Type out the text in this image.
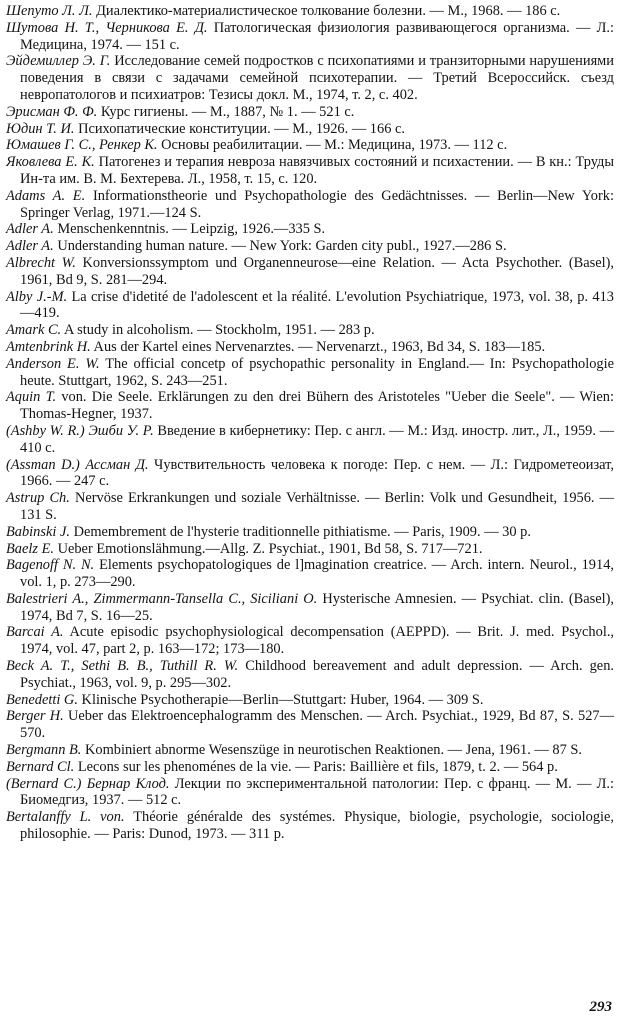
Шепуто Л. Л. Диалектико-материалистическое толкование болезни. — М., 1968. — 186 с.
Шутова Н. Т., Черникова Е. Д. Патологическая физиология развивающегося организма. — Л.: Медицина, 1974. — 151 с.
Эйдемиллер Э. Г. Исследование семей подростков с психопатиями и транзиторными нарушениями поведения в связи с задачами семейной психотерапии. — Третий Всероссийск. съезд невропатологов и психиатров: Тезисы докл. М., 1974, т. 2, с. 402.
Эрисман Ф. Ф. Курс гигиены. — М., 1887, № 1. — 521 с.
Юдин Т. И. Психопатические конституции. — М., 1926. — 166 с.
Юмашев Г. С., Ренкер К. Основы реабилитации. — М.: Медицина, 1973. — 112 с.
Яковлева Е. К. Патогенез и терапия невроза навязчивых состояний и психастении. — В кн.: Труды Ин-та им. В. М. Бехтерева. Л., 1958, т. 15, с. 120.
Adams A. E. Informationstheorie und Psychopathologie des Gedächtnisses. — Berlin—New York: Springer Verlag, 1971.—124 S.
Adler A. Menschenkenntnis. — Leipzig, 1926.—335 S.
Adler A. Understanding human nature. — New York: Garden city publ., 1927.—286 S.
Albrecht W. Konversionssymptom und Organenneurose—eine Relation. — Acta Psychother. (Basel), 1961, Bd 9, S. 281—294.
Alby J.-M. La crise d'idetité de l'adolescent et la réalité. L'evolution Psychiatrique, 1973, vol. 38, p. 413—419.
Amark C. A study in alcoholism. — Stockholm, 1951. — 283 p.
Amtenbrink H. Aus der Kartel eines Nervenarztes. — Nervenarzt., 1963, Bd 34, S. 183—185.
Anderson E. W. The official concetp of psychopathic personality in England.— In: Psychopathologie heute. Stuttgart, 1962, S. 243—251.
Aquin T. von. Die Seele. Erklärungen zu den drei Bühern des Aristoteles "Ueber die Seele". — Wien: Thomas-Hegner, 1937.
(Ashby W. R.) Эшби У. Р. Введение в кибернетику: Пер. с англ. — М.: Изд. иностр. лит., Л., 1959. — 410 с.
(Assman D.) Ассман Д. Чувствительность человека к погоде: Пер. с нем. — Л.: Гидрометеоизат, 1966. — 247 с.
Astrup Ch. Nervöse Erkrankungen und soziale Verhältnisse. — Berlin: Volk und Gesundheit, 1956. — 131 S.
Babinski J. Demembrement de l'hysterie traditionnelle pithiatisme. — Paris, 1909. — 30 p.
Baelz E. Ueber Emotionslähmung.—Allg. Z. Psychiat., 1901, Bd 58, S. 717—721.
Bagenoff N. N. Elements psychopatologiques de l]magination creatrice. — Arch. intern. Neurol., 1914, vol. 1, p. 273—290.
Balestrieri A., Zimmermann-Tansella C., Siciliani O. Hysterische Amnesien. — Psychiat. clin. (Basel), 1974, Bd 7, S. 16—25.
Barcai A. Acute episodic psychophysiological decompensation (AEPPD). — Brit. J. med. Psychol., 1974, vol. 47, part 2, p. 163—172; 173—180.
Beck A. T., Sethi B. B., Tuthill R. W. Childhood bereavement and adult depression. — Arch. gen. Psychiat., 1963, vol. 9, p. 295—302.
Benedetti G. Klinische Psychotherapie—Berlin—Stuttgart: Huber, 1964. — 309 S.
Berger H. Ueber das Elektroencephalogramm des Menschen. — Arch. Psychiat., 1929, Bd 87, S. 527—570.
Bergmann B. Kombiniert abnorme Wesenszüge in neurotischen Reaktionen. — Jena, 1961. — 87 S.
Bernard Cl. Lecons sur les phenoménes de la vie. — Paris: Baillière et fils, 1879, t. 2. — 564 p.
(Bernard C.) Бернар Клод. Лекции по экспериментальной патологии: Пер. с франц. — М. — Л.: Биомедгиз, 1937. — 512 с.
Bertalanffy L. von. Théorie généralde des systémes. Physique, biologie, psychologie, sociologie, philosophie. — Paris: Dunod, 1973. — 311 p.
293
